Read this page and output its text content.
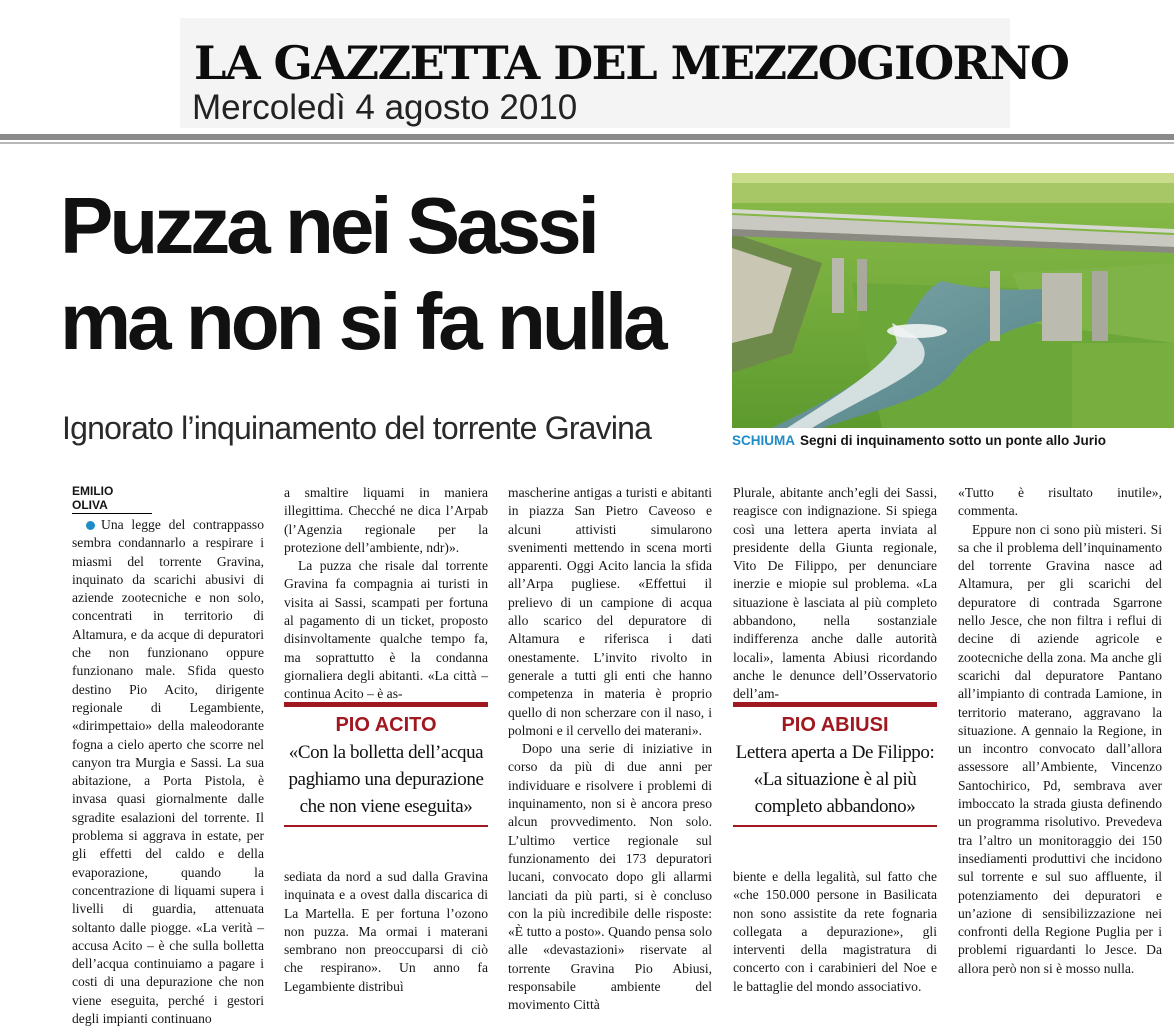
LA GAZZETTA DEL MEZZOGIORNO
Mercoledì 4 agosto 2010
Puzza nei Sassi
ma non si fa nulla
Ignorato l’inquinamento del torrente Gravina	SCHIUMA Segni di inquinamento sotto un ponte allo Jurio
EMILIO OLIVA

Una legge del contrappasso sembra condannarlo a respirare i miasmi del torrente Gravina, inquinato da scarichi abusivi di aziende zootecniche e non solo, concentrati in territorio di Altamura, e da acque di depuratori che non funzionano oppure funzionano male. Sfida questo destino Pio Acito, dirigente regionale di Legambiente, «dirimpettaio» della maleodorante fogna a cielo aperto che scorre nel canyon tra Murgia e Sassi. La sua abitazione, a Porta Pistola, è invasa quasi giornalmente dalle sgradite esalazioni del torrente. Il problema si aggrava in estate, per gli effetti del caldo e della evaporazione, quando la concentrazione di liquami supera i livelli di guardia, attenuata soltanto dalle piogge. «La verità – accusa Acito – è che sulla bolletta dell’acqua continuiamo a pagare i costi di una depurazione che non viene eseguita, perché i gestori degli impianti continuano

a smaltire liquami in maniera illegittima. Checché ne dica l’Arpab (l’Agenzia regionale per la protezione dell’ambiente, ndr)».

La puzza che risale dal torrente Gravina fa compagnia ai turisti in visita ai Sassi, scampati per fortuna al pagamento di un ticket, proposto disinvoltamente qualche tempo fa, ma soprattutto è la condanna giornaliera degli abitanti. «La città – continua Acito – è as-

PIO ACITO
«Con la bolletta dell’acqua paghiamo una depurazione che non viene eseguita»

sediata da nord a sud dalla Gravina inquinata e a ovest dalla discarica di La Martella. E per fortuna l’ozono non puzza. Ma ormai i materani sembrano non preoccuparsi di ciò che respirano». Un anno fa Legambiente distribuì

mascherine antigas a turisti e abitanti in piazza San Pietro Caveoso e alcuni attivisti simularono svenimenti mettendo in scena morti apparenti. Oggi Acito lancia la sfida all’Arpa pugliese. «Effettui il prelievo di un campione di acqua allo scarico del depuratore di Altamura e riferisca i dati onestamente. L’invito rivolto in generale a tutti gli enti che hanno competenza in materia è proprio quello di non scherzare con il naso, i polmoni e il cervello dei materani».

Dopo una serie di iniziative in corso da più di due anni per individuare e risolvere i problemi di inquinamento, non si è ancora preso alcun provvedimento. Non solo. L’ultimo vertice regionale sul funzionamento dei 173 depuratori lucani, convocato dopo gli allarmi lanciati da più parti, si è concluso con la più incredibile delle risposte: «È tutto a posto». Quando pensa solo alle «devastazioni» riservate al torrente Gravina Pio Abiusi, responsabile ambiente del movimento Città

Plurale, abitante anch’egli dei Sassi, reagisce con indignazione. Si spiega così una lettera aperta inviata al presidente della Giunta regionale, Vito De Filippo, per denunciare inerzie e miopie sul problema. «La situazione è lasciata al più completo abbandono, nella sostanziale indifferenza anche dalle autorità locali», lamenta Abiusi ricordando anche le denunce dell’Osservatorio dell’am-

PIO ABIUSI
Lettera aperta a De Filippo: «La situazione è al più completo abbandono»

biente e della legalità, sul fatto che «che 150.000 persone in Basilicata non sono assistite da rete fognaria collegata a depurazione», gli interventi della magistratura di concerto con i carabinieri del Noe e le battaglie del mondo associativo.

«Tutto è risultato inutile», commenta.

Eppure non ci sono più misteri. Si sa che il problema dell’inquinamento del torrente Gravina nasce ad Altamura, per gli scarichi del depuratore di contrada Sgarrone nello Jesce, che non filtra i reflui di decine di aziende agricole e zootecniche della zona. Ma anche gli scarichi dal depuratore Pantano all’impianto di contrada Lamione, in territorio materano, aggravano la situazione. A gennaio la Regione, in un incontro convocato dall’allora assessore all’Ambiente, Vincenzo Santochirico, Pd, sembrava aver imboccato la strada giusta definendo un programma risolutivo. Prevedeva tra l’altro un monitoraggio dei 150 insediamenti produttivi che incidono sul torrente e sul suo affluente, il potenziamento dei depuratori e un’azione di sensibilizzazione nei confronti della Regione Puglia per i problemi riguardanti lo Jesce. Da allora però non si è mosso nulla.
